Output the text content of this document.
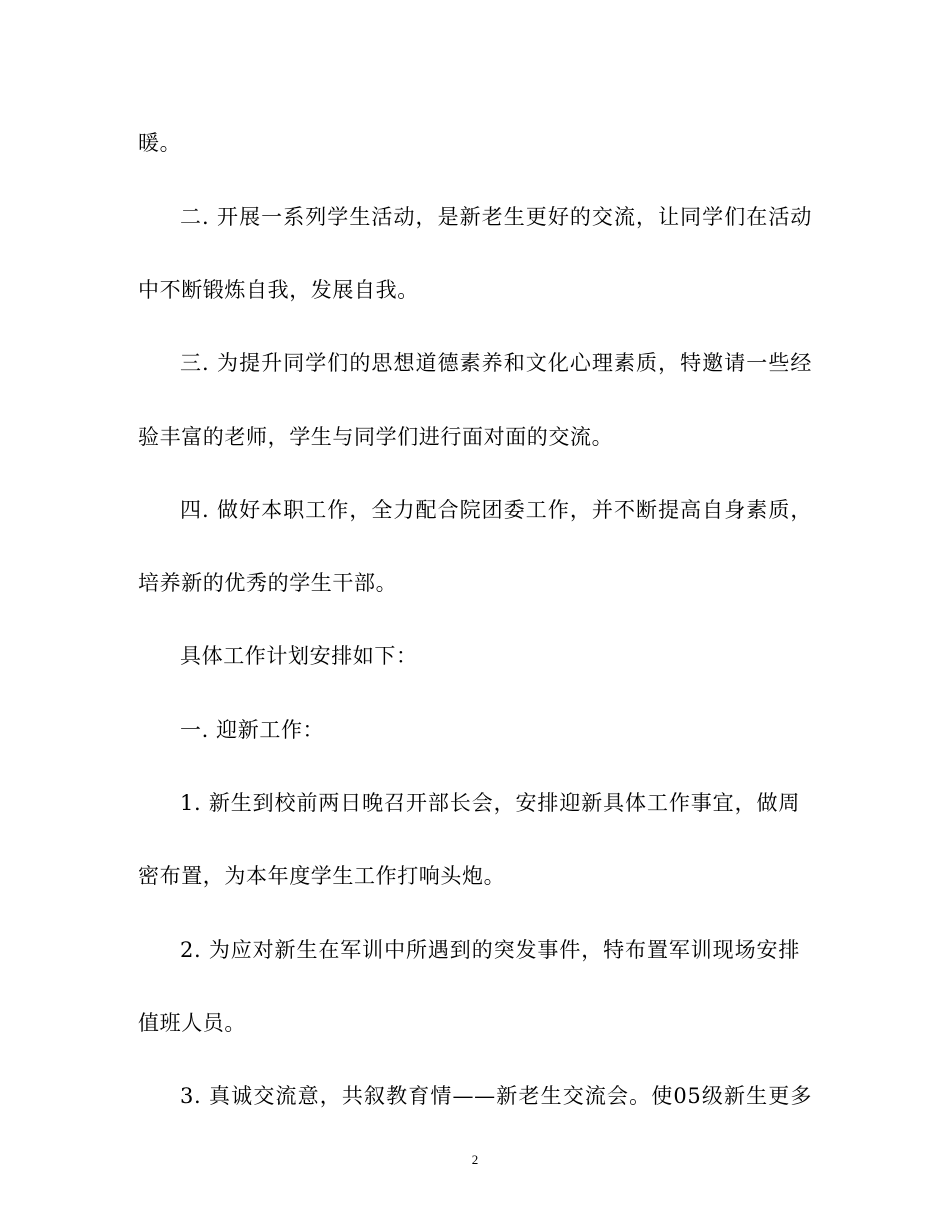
暖。
二. 开展一系列学生活动，是新老生更好的交流，让同学们在活动
中不断锻炼自我，发展自我。
三. 为提升同学们的思想道德素养和文化心理素质，特邀请一些经
验丰富的老师，学生与同学们进行面对面的交流。
四. 做好本职工作，全力配合院团委工作，并不断提高自身素质，
培养新的优秀的学生干部。
具体工作计划安排如下：
一. 迎新工作：
1. 新生到校前两日晚召开部长会，安排迎新具体工作事宜，做周
密布置，为本年度学生工作打响头炮。
2. 为应对新生在军训中所遇到的突发事件，特布置军训现场安排
值班人员。
3. 真诚交流意，共叙教育情——新老生交流会。使05级新生更多
2
